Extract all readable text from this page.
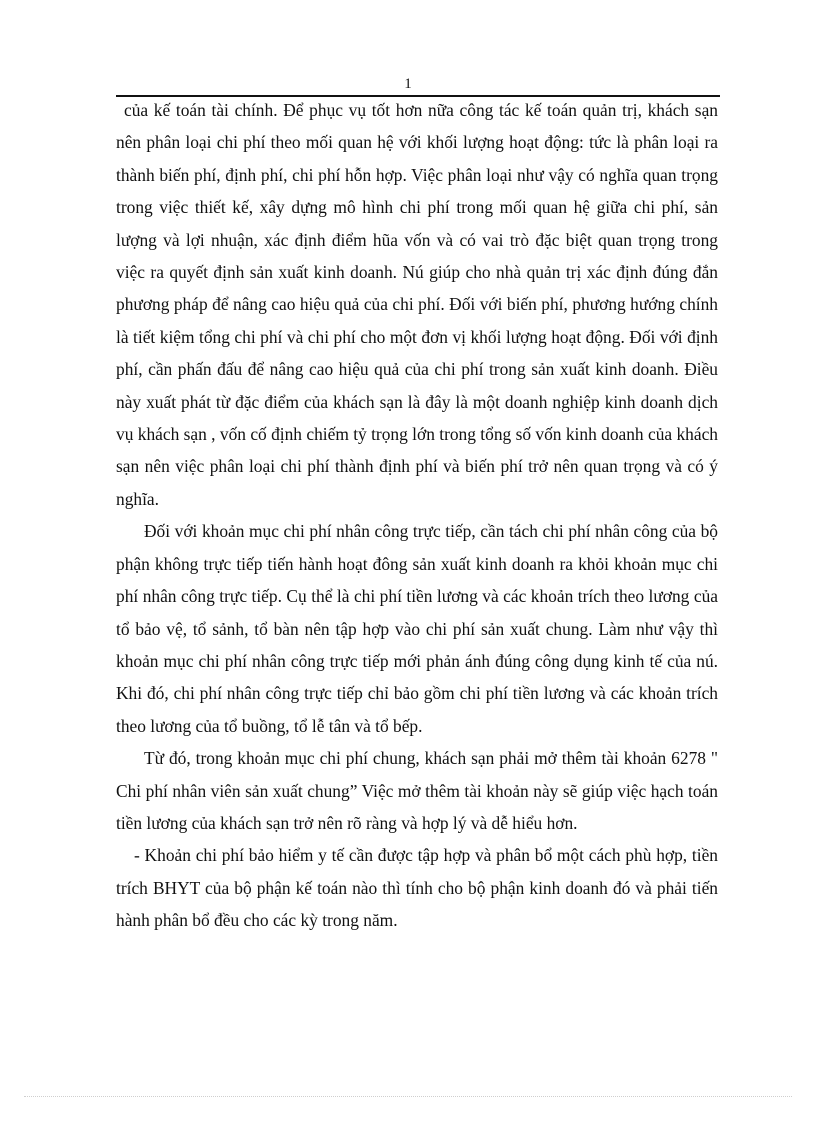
1

của kế toán tài chính. Để phục vụ tốt hơn nữa công tác kế toán quản trị, khách sạn nên phân loại chi phí theo mối quan hệ với khối lượng hoạt động: tức là phân loại ra thành biến phí, định phí, chi phí hỗn hợp. Việc phân loại như vậy có nghĩa quan trọng trong việc thiết kế, xây dựng mô hình chi phí trong mối quan hệ giữa chi phí, sản lượng và lợi nhuận, xác định điểm hũa vốn và có vai trò đặc biệt quan trọng trong việc ra quyết định sản xuất kinh doanh. Nú giúp cho nhà quản trị xác định đúng đắn phương pháp để nâng cao hiệu quả của chi phí. Đối với biến phí, phương hướng chính là tiết kiệm tổng chi phí và chi phí cho một đơn vị khối lượng hoạt động. Đối với định phí, cần phấn đấu để nâng cao hiệu quả của chi phí trong sản xuất kinh doanh. Điều này xuất phát từ đặc điểm của khách sạn là đây là một doanh nghiệp kinh doanh dịch vụ khách sạn , vốn cố định chiếm tỷ trọng lớn trong tổng số vốn kinh doanh của khách sạn nên việc phân loại chi phí thành định phí và biến phí trở nên quan trọng và có ý nghĩa.

Đối với khoản mục chi phí nhân công trực tiếp, cần tách chi phí nhân công của bộ phận không trực tiếp tiến hành hoạt đông sản xuất kinh doanh ra khỏi khoản mục chi phí nhân công trực tiếp. Cụ thể là chi phí tiền lương và các khoản trích theo lương của tổ bảo vệ, tổ sảnh, tổ bàn nên tập hợp vào chi phí sản xuất chung. Làm như vậy thì khoản mục chi phí nhân công trực tiếp mới phản ánh đúng công dụng kinh tế của nú. Khi đó, chi phí nhân công trực tiếp chỉ bảo gồm chi phí tiền lương và các khoản trích theo lương của tổ buồng, tổ lễ tân và tổ bếp.

Từ đó, trong khoản mục chi phí chung, khách sạn phải mở thêm tài khoản 6278 " Chi phí nhân viên sản xuất chung” Việc mở thêm tài khoản này sẽ giúp việc hạch toán tiền lương của khách sạn trở nên rõ ràng và hợp lý và dễ hiểu hơn.

- Khoản chi phí bảo hiểm y tế cần được tập hợp và phân bổ một cách phù hợp, tiền trích BHYT của bộ phận kế toán nào thì tính cho bộ phận kinh doanh đó và phải tiến hành phân bổ đều cho các kỳ trong năm.
